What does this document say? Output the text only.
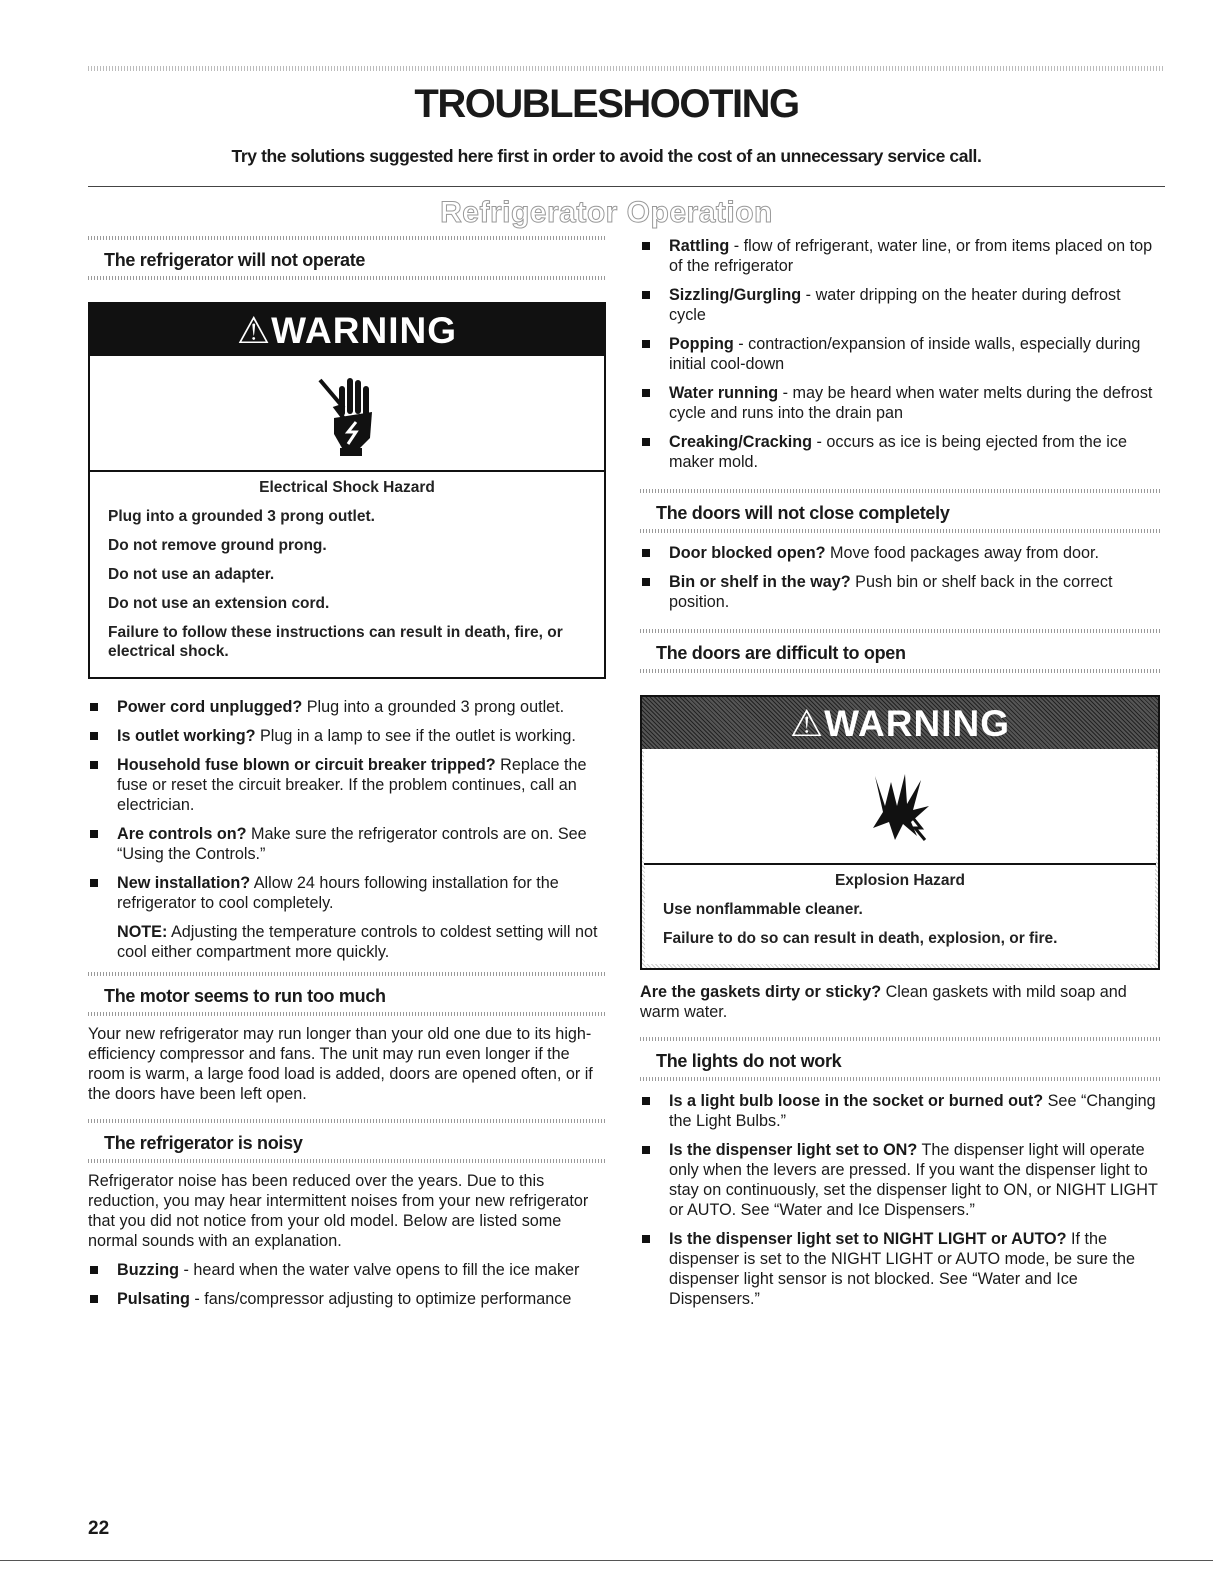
TROUBLESHOOTING

Try the solutions suggested here first in order to avoid the cost of an unnecessary service call.

Refrigerator Operation
The refrigerator will not operate
⚠WARNING

Electrical Shock Hazard

Plug into a grounded 3 prong outlet.

Do not remove ground prong.

Do not use an adapter.

Do not use an extension cord.

Failure to follow these instructions can result in death, fire, or electrical shock.

Power cord unplugged? Plug into a grounded 3 prong outlet.
Is outlet working? Plug in a lamp to see if the outlet is working.
Household fuse blown or circuit breaker tripped? Replace the fuse or reset the circuit breaker. If the problem continues, call an electrician.
Are controls on? Make sure the refrigerator controls are on. See “Using the Controls.”
New installation? Allow 24 hours following installation for the refrigerator to cool completely.

NOTE: Adjusting the temperature controls to coldest setting will not cool either compartment more quickly.

The motor seems to run too much

Your new refrigerator may run longer than your old one due to its high-efficiency compressor and fans. The unit may run even longer if the room is warm, a large food load is added, doors are opened often, or if the doors have been left open.

The refrigerator is noisy

Refrigerator noise has been reduced over the years. Due to this reduction, you may hear intermittent noises from your new refrigerator that you did not notice from your old model. Below are listed some normal sounds with an explanation.

Buzzing - heard when the water valve opens to fill the ice maker
Pulsating - fans/compressor adjusting to optimize performance
Rattling - flow of refrigerant, water line, or from items placed on top of the refrigerator
Sizzling/Gurgling - water dripping on the heater during defrost cycle
Popping - contraction/expansion of inside walls, especially during initial cool-down
Water running - may be heard when water melts during the defrost cycle and runs into the drain pan
Creaking/Cracking - occurs as ice is being ejected from the ice maker mold.
The doors will not close completely
Door blocked open? Move food packages away from door.
Bin or shelf in the way? Push bin or shelf back in the correct position.
The doors are difficult to open
⚠WARNING

Explosion Hazard

Use nonflammable cleaner.

Failure to do so can result in death, explosion, or fire.

Are the gaskets dirty or sticky? Clean gaskets with mild soap and warm water.

The lights do not work
Is a light bulb loose in the socket or burned out? See “Changing the Light Bulbs.”
Is the dispenser light set to ON? The dispenser light will operate only when the levers are pressed. If you want the dispenser light to stay on continuously, set the dispenser light to ON, or NIGHT LIGHT or AUTO. See “Water and Ice Dispensers.”
Is the dispenser light set to NIGHT LIGHT or AUTO? If the dispenser is set to the NIGHT LIGHT or AUTO mode, be sure the dispenser light sensor is not blocked. See “Water and Ice Dispensers.”
22
